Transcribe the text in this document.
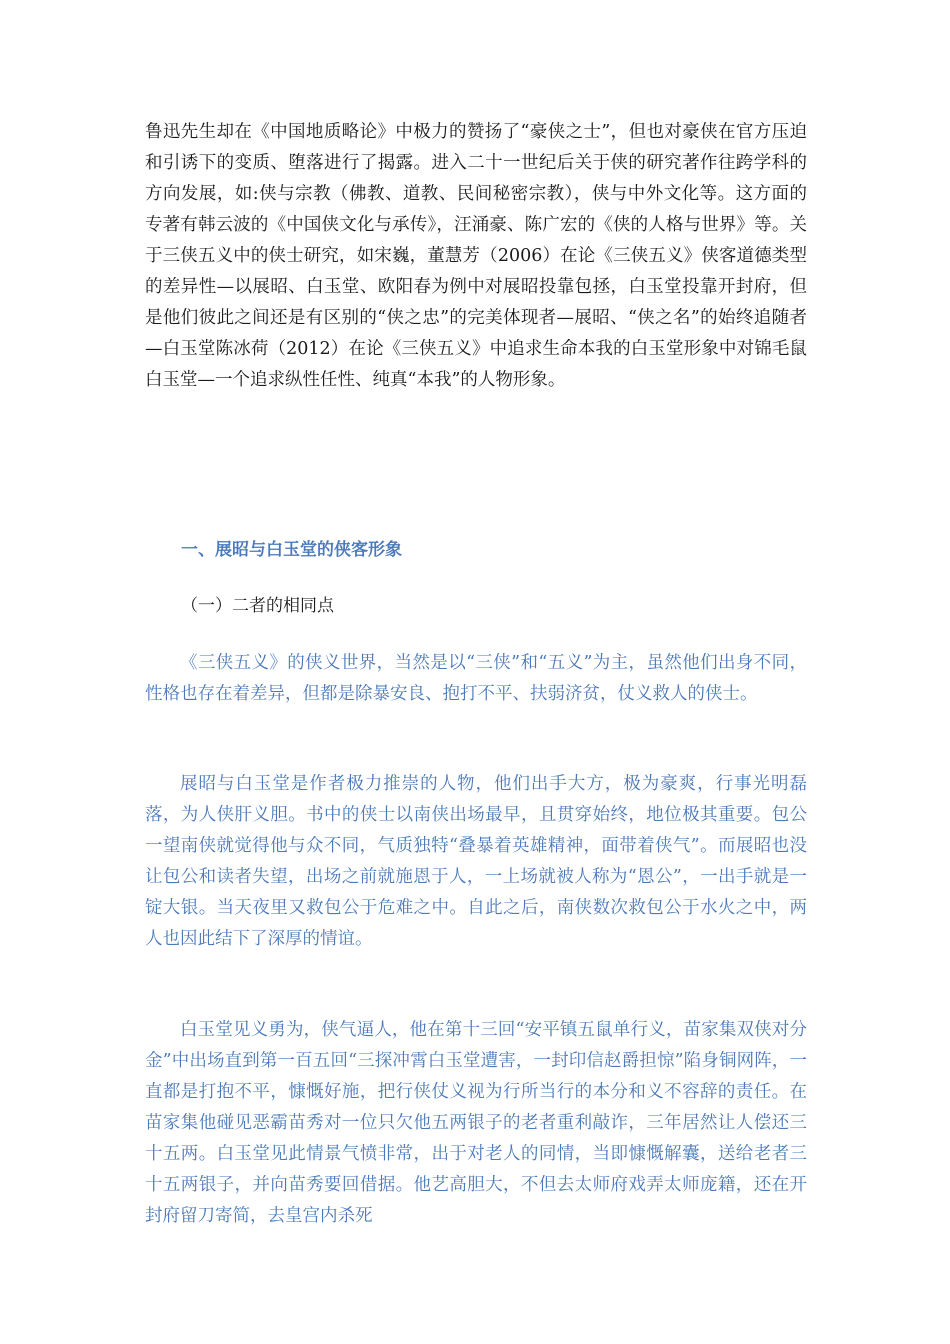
鲁迅先生却在《中国地质略论》中极力的赞扬了“豪侠之士”，但也对豪侠在官方压迫和引诱下的变质、堕落进行了揭露。进入二十一世纪后关于侠的研究著作往跨学科的方向发展，如:侠与宗教（佛教、道教、民间秘密宗教），侠与中外文化等。这方面的专著有韩云波的《中国侠文化与承传》，汪涌豪、陈广宏的《侠的人格与世界》等。关于三侠五义中的侠士研究，如宋巍，董慧芳（2006）在论《三侠五义》侠客道德类型的差异性—以展昭、白玉堂、欧阳春为例中对展昭投靠包拯，白玉堂投靠开封府，但是他们彼此之间还是有区别的“侠之忠”的完美体现者—展昭、“侠之名”的始终追随者—白玉堂陈冰荷（2012）在论《三侠五义》中追求生命本我的白玉堂形象中对锦毛鼠白玉堂—一个追求纵性任性、纯真“本我”的人物形象。

一、展昭与白玉堂的侠客形象

（一）二者的相同点

《三侠五义》的侠义世界，当然是以“三侠”和“五义”为主，虽然他们出身不同，性格也存在着差异，但都是除暴安良、抱打不平、扶弱济贫，仗义救人的侠士。

展昭与白玉堂是作者极力推崇的人物，他们出手大方，极为豪爽，行事光明磊落，为人侠肝义胆。书中的侠士以南侠出场最早，且贯穿始终，地位极其重要。包公一望南侠就觉得他与众不同，气质独特“叠暴着英雄精神，面带着侠气”。而展昭也没让包公和读者失望，出场之前就施恩于人，一上场就被人称为“恩公”，一出手就是一锭大银。当天夜里又救包公于危难之中。自此之后，南侠数次救包公于水火之中，两人也因此结下了深厚的情谊。

白玉堂见义勇为，侠气逼人，他在第十三回“安平镇五鼠单行义，苗家集双侠对分金”中出场直到第一百五回“三探冲霄白玉堂遭害，一封印信赵爵担惊”陷身铜网阵，一直都是打抱不平，慷慨好施，把行侠仗义视为行所当行的本分和义不容辞的责任。在苗家集他碰见恶霸苗秀对一位只欠他五两银子的老者重利敲诈，三年居然让人偿还三十五两。白玉堂见此情景气愤非常，出于对老人的同情，当即慷慨解囊，送给老者三十五两银子，并向苗秀要回借据。他艺高胆大，不但去太师府戏弄太师庞籍，还在开封府留刀寄简，去皇宫内杀死
